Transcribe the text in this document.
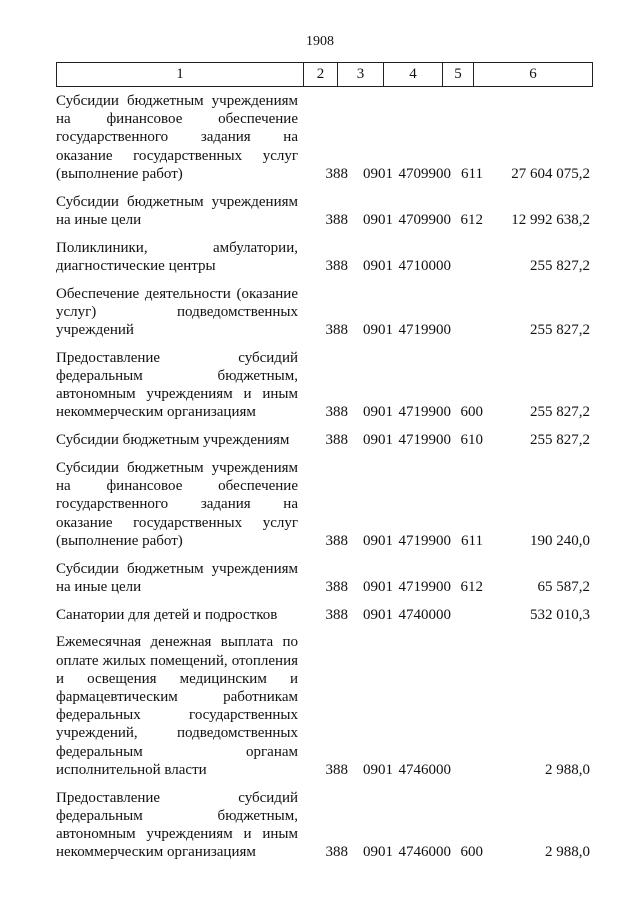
1908
1	2	3	4	5	6
Субсидии бюджетным учреждениям на финансовое обеспечение государственного задания на оказание государственных услуг (выполнение работ)	388	0901 4709900 611	27 604 075,2
Субсидии бюджетным учреждениям на иные цели	388	0901 4709900 612	12 992 638,2
Поликлиники, амбулатории, диагностические центры	388	0901 4710000	255 827,2
Обеспечение деятельности (оказание услуг) подведомственных учреждений	388	0901 4719900	255 827,2
Предоставление субсидий федеральным бюджетным, автономным учреждениям и иным некоммерческим организациям	388	0901 4719900 600	255 827,2
Субсидии бюджетным учреждениям	388	0901 4719900 610	255 827,2
Субсидии бюджетным учреждениям на финансовое обеспечение государственного задания на оказание государственных услуг (выполнение работ)	388	0901 4719900 611	190 240,0
Субсидии бюджетным учреждениям на иные цели	388	0901 4719900 612	65 587,2
Санатории для детей и подростков	388	0901 4740000	532 010,3
Ежемесячная денежная выплата по оплате жилых помещений, отопления и освещения медицинским и фармацевтическим работникам федеральных государственных учреждений, подведомственных федеральным органам исполнительной власти	388	0901 4746000	2 988,0
Предоставление субсидий федеральным бюджетным, автономным учреждениям и иным некоммерческим организациям	388	0901 4746000 600	2 988,0
